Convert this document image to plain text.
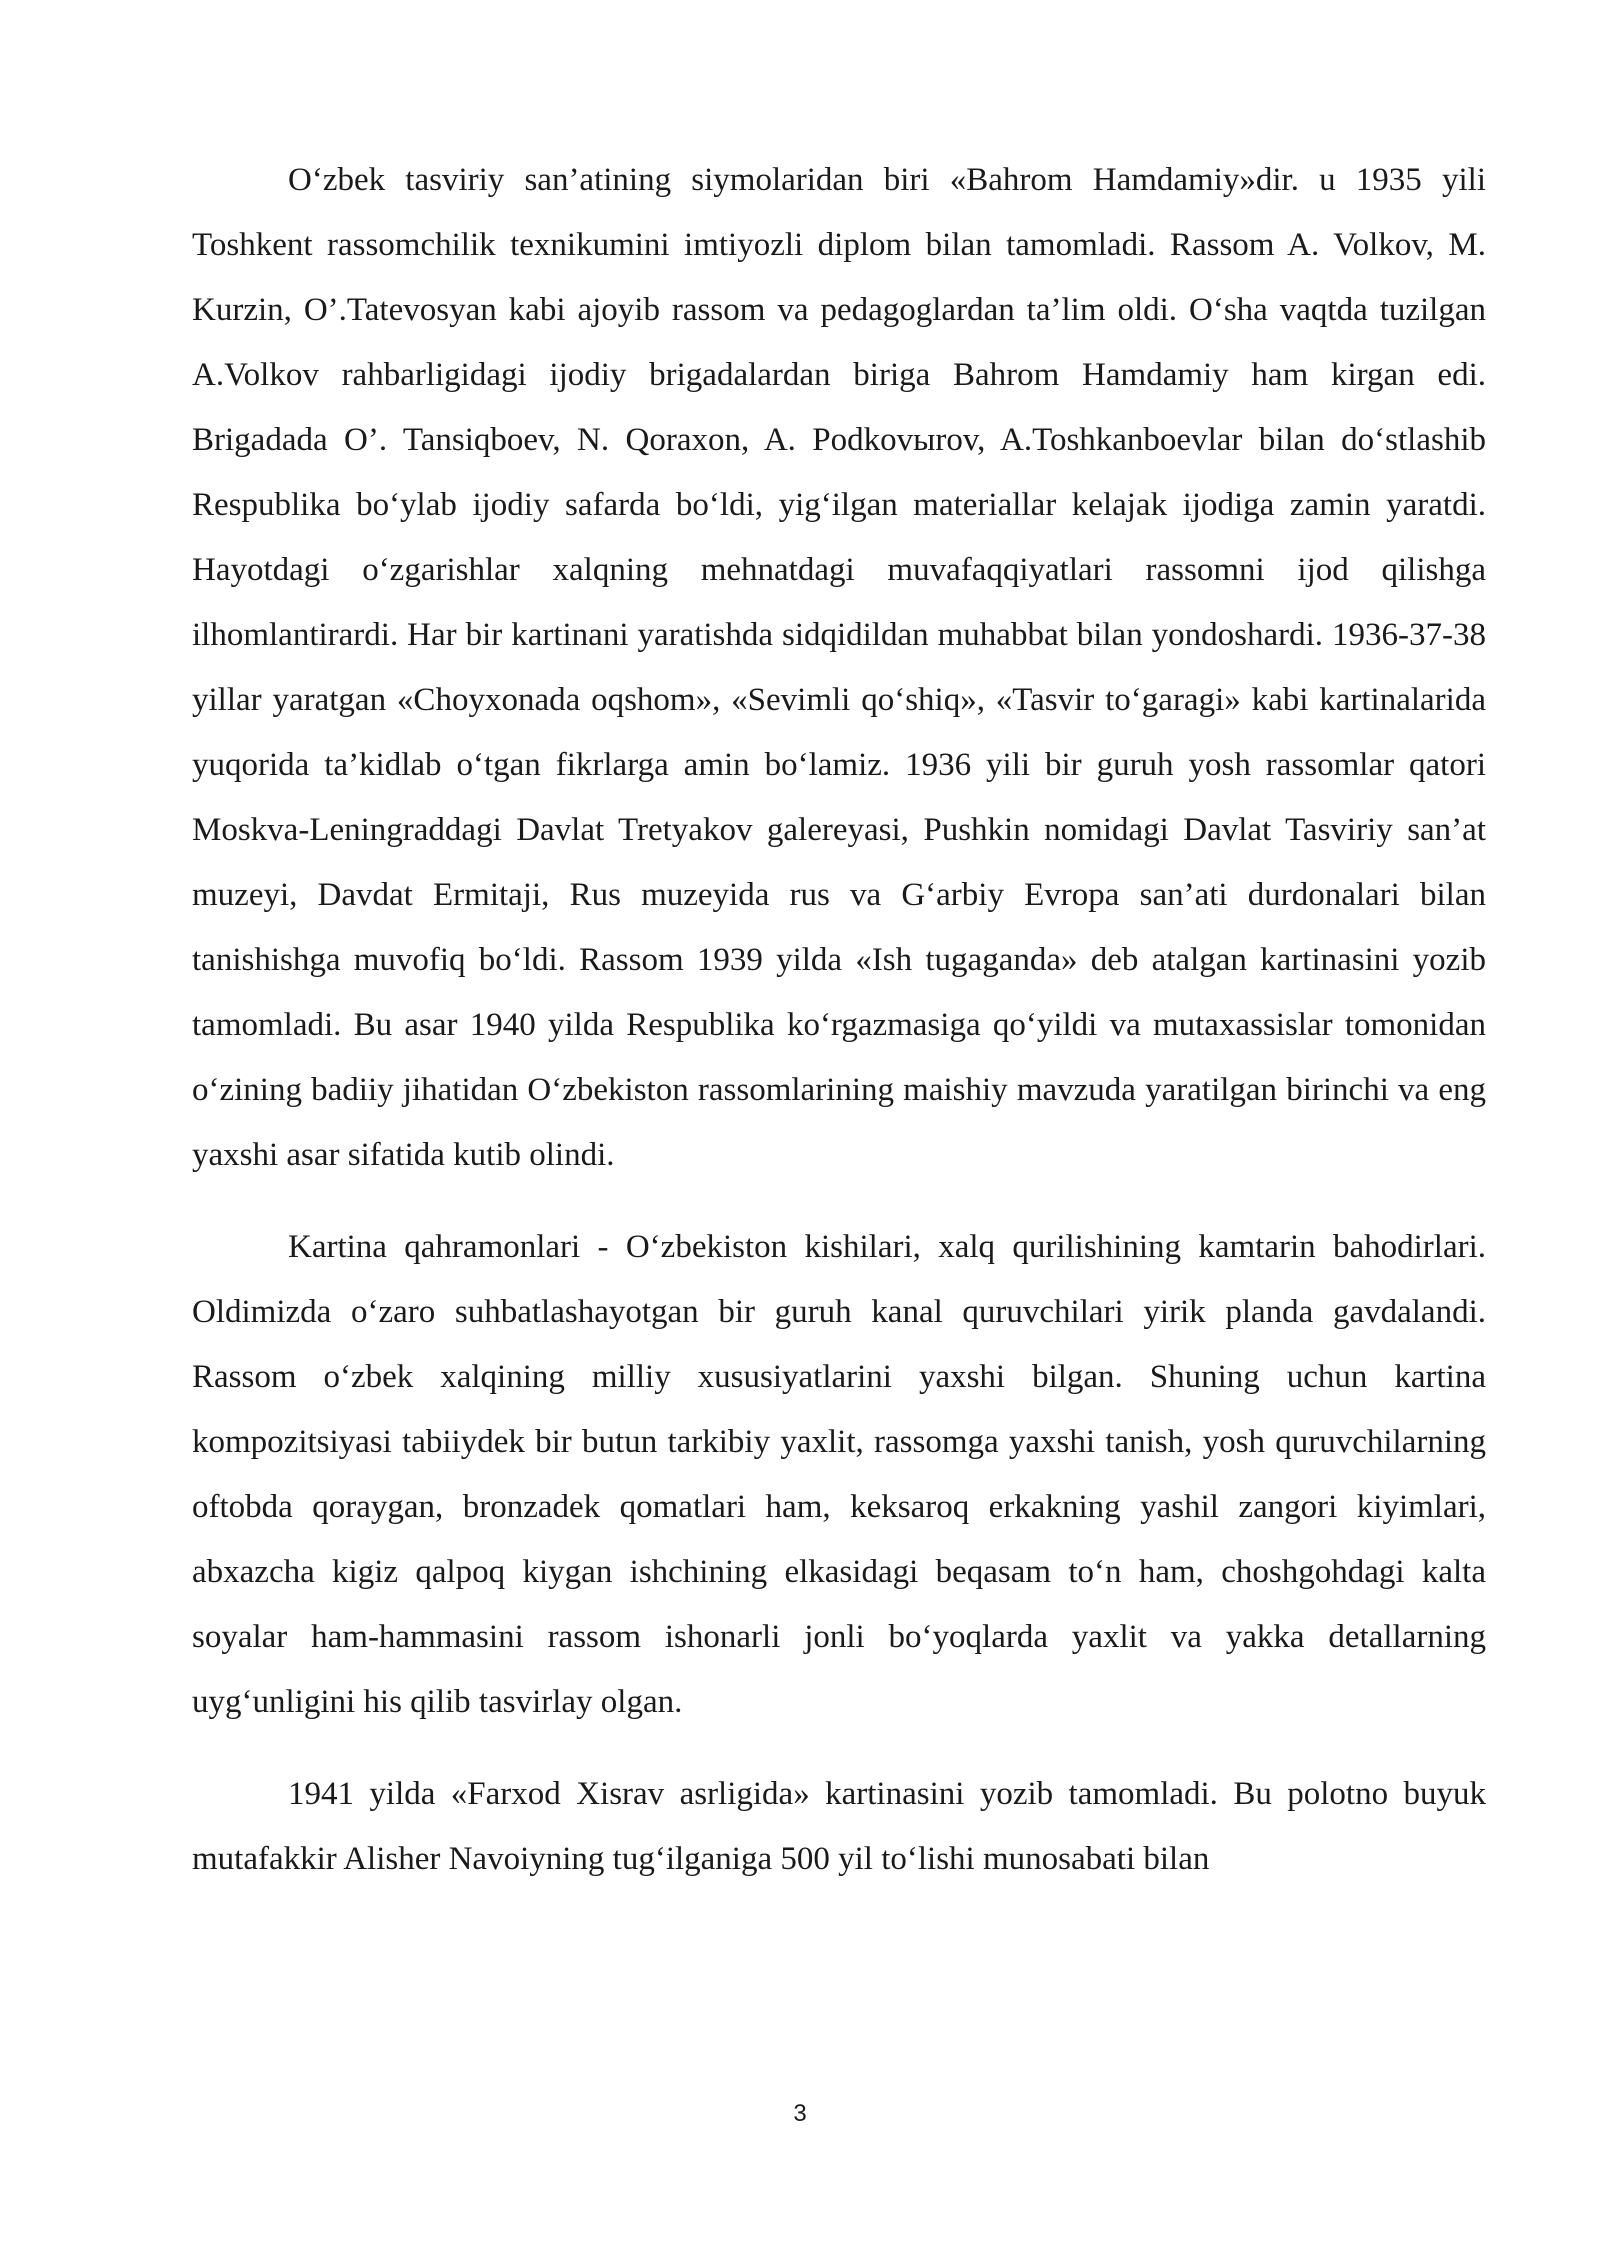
O‘zbek tasviriy san’atining siymolaridan biri «Bahrom Hamdamiy»dir. u 1935 yili Toshkent rassomchilik texnikumini imtiyozli diplom bilan tamomladi. Rassom A. Volkov, M. Kurzin, O’.Tatevosyan kabi ajoyib rassom va pedagoglardan ta’lim oldi. O‘sha vaqtda tuzilgan A.Volkov rahbarligidagi ijodiy brigadalardan biriga Bahrom Hamdamiy ham kirgan edi. Brigadada O’. Tansiqboev, N. Qoraxon, A. Podkovыrov, A.Toshkanboevlar bilan do‘stlashib Respublika bo‘ylab ijodiy safarda bo‘ldi, yig‘ilgan materiallar kelajak ijodiga zamin yaratdi. Hayotdagi o‘zgarishlar xalqning mehnatdagi muvafaqqiyatlari rassomni ijod qilishga ilhomlantirardi. Har bir kartinani yaratishda sidqidildan muhabbat bilan yondoshardi. 1936-37-38 yillar yaratgan «Choyxonada oqshom», «Sevimli qo‘shiq», «Tasvir to‘garagi» kabi kartinalarida yuqorida ta’kidlab o‘tgan fikrlarga amin bo‘lamiz. 1936 yili bir guruh yosh rassomlar qatori Moskva-Leningraddagi Davlat Tretyakov galereyasi, Pushkin nomidagi Davlat Tasviriy san’at muzeyi, Davdat Ermitaji, Rus muzeyida rus va G‘arbiy Evropa san’ati durdonalari bilan tanishishga muvofiq bo‘ldi. Rassom 1939 yilda «Ish tugaganda» deb atalgan kartinasini yozib tamomladi. Bu asar 1940 yilda Respublika ko‘rgazmasiga qo‘yildi va mutaxassislar tomonidan o‘zining badiiy jihatidan O‘zbekiston rassomlarining maishiy mavzuda yaratilgan birinchi va eng yaxshi asar sifatida kutib olindi.

Kartina qahramonlari - O‘zbekiston kishilari, xalq qurilishining kamtarin bahodirlari. Oldimizda o‘zaro suhbatlashayotgan bir guruh kanal quruvchilari yirik planda gavdalandi. Rassom o‘zbek xalqining milliy xususiyatlarini yaxshi bilgan. Shuning uchun kartina kompozitsiyasi tabiiydek bir butun tarkibiy yaxlit, rassomga yaxshi tanish, yosh quruvchilarning oftobda qoraygan, bronzadek qomatlari ham, keksaroq erkakning yashil zangori kiyimlari, abxazcha kigiz qalpoq kiygan ishchining elkasidagi beqasam to‘n ham, choshgohdagi kalta soyalar ham-hammasini rassom ishonarli jonli bo‘yoqlarda yaxlit va yakka detallarning uyg‘unligini his qilib tasvirlay olgan.

1941 yilda «Farxod Xisrav asrligida» kartinasini yozib tamomladi. Bu polotno buyuk mutafakkir Alisher Navoiyning tug‘ilganiga 500 yil to‘lishi munosabati bilan

3
